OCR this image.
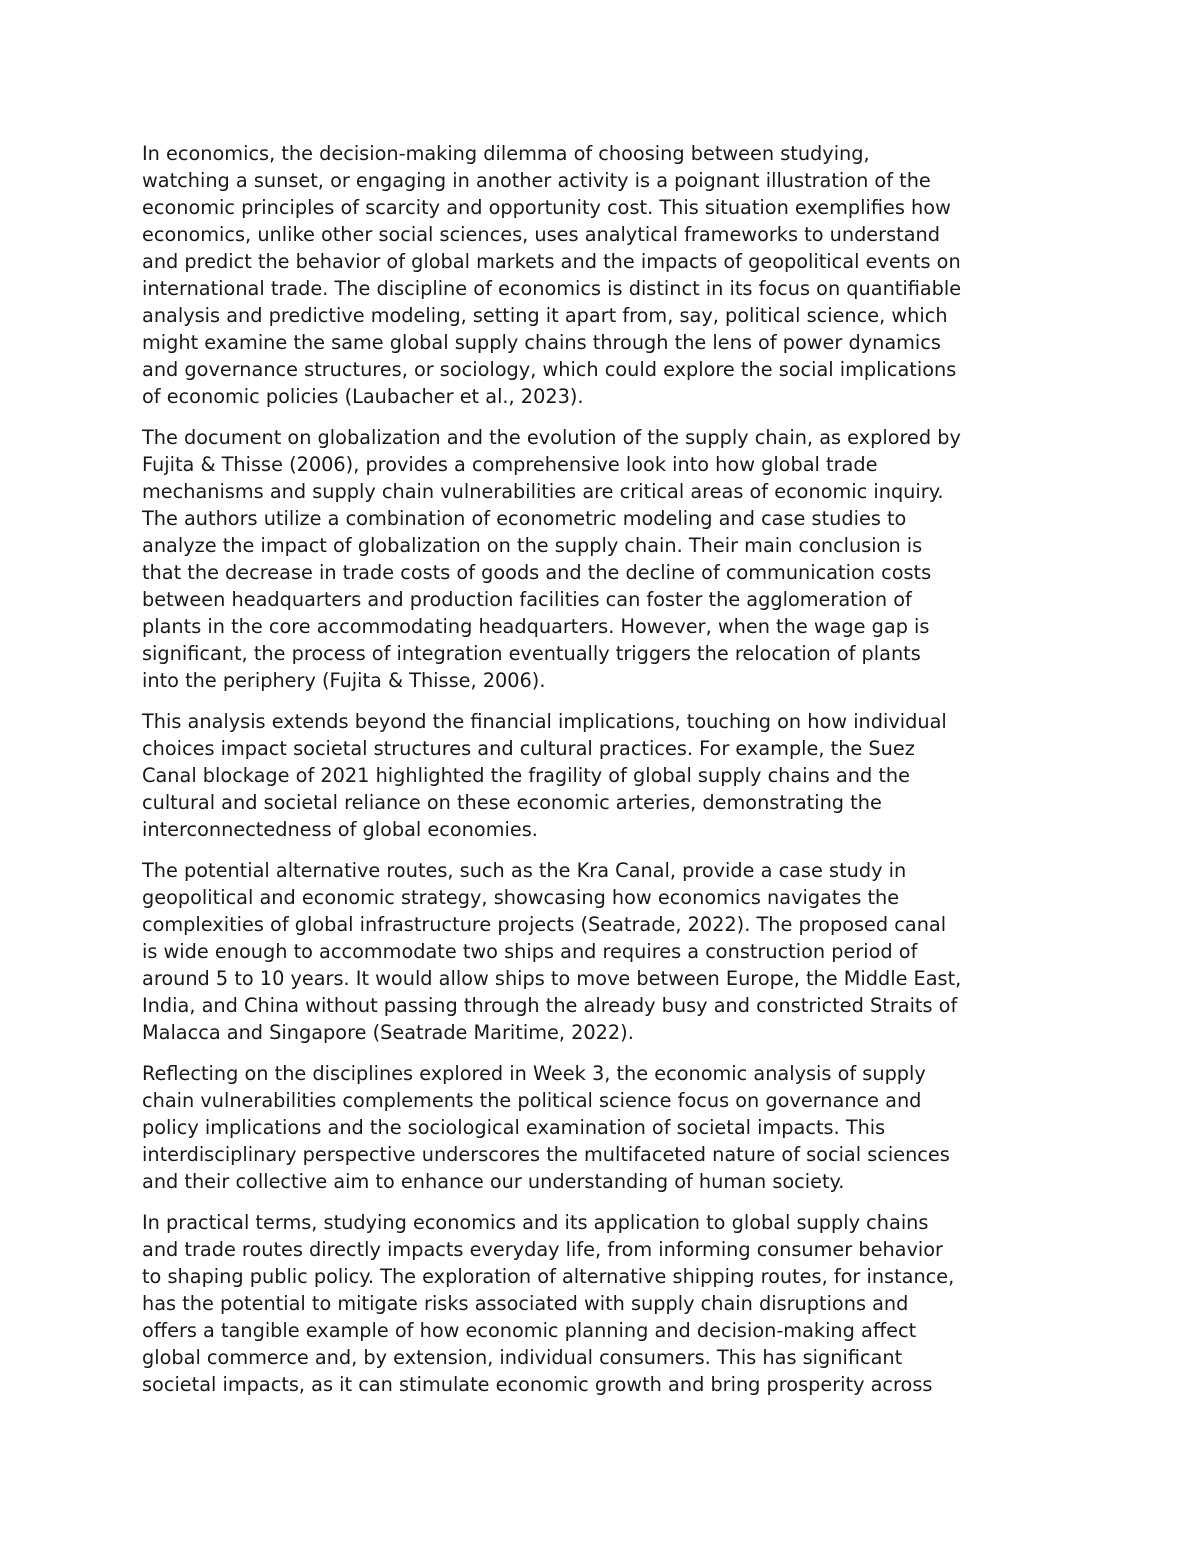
In economics, the decision-making dilemma of choosing between studying,
watching a sunset, or engaging in another activity is a poignant illustration of the
economic principles of scarcity and opportunity cost. This situation exemplifies how
economics, unlike other social sciences, uses analytical frameworks to understand
and predict the behavior of global markets and the impacts of geopolitical events on
international trade. The discipline of economics is distinct in its focus on quantifiable
analysis and predictive modeling, setting it apart from, say, political science, which
might examine the same global supply chains through the lens of power dynamics
and governance structures, or sociology, which could explore the social implications
of economic policies (Laubacher et al., 2023).

The document on globalization and the evolution of the supply chain, as explored by
Fujita & Thisse (2006), provides a comprehensive look into how global trade
mechanisms and supply chain vulnerabilities are critical areas of economic inquiry.
The authors utilize a combination of econometric modeling and case studies to
analyze the impact of globalization on the supply chain. Their main conclusion is
that the decrease in trade costs of goods and the decline of communication costs
between headquarters and production facilities can foster the agglomeration of
plants in the core accommodating headquarters. However, when the wage gap is
significant, the process of integration eventually triggers the relocation of plants
into the periphery (Fujita & Thisse, 2006).

This analysis extends beyond the financial implications, touching on how individual
choices impact societal structures and cultural practices. For example, the Suez
Canal blockage of 2021 highlighted the fragility of global supply chains and the
cultural and societal reliance on these economic arteries, demonstrating the
interconnectedness of global economies.

The potential alternative routes, such as the Kra Canal, provide a case study in
geopolitical and economic strategy, showcasing how economics navigates the
complexities of global infrastructure projects (Seatrade, 2022). The proposed canal
is wide enough to accommodate two ships and requires a construction period of
around 5 to 10 years. It would allow ships to move between Europe, the Middle East,
India, and China without passing through the already busy and constricted Straits of
Malacca and Singapore (Seatrade Maritime, 2022).

Reflecting on the disciplines explored in Week 3, the economic analysis of supply
chain vulnerabilities complements the political science focus on governance and
policy implications and the sociological examination of societal impacts. This
interdisciplinary perspective underscores the multifaceted nature of social sciences
and their collective aim to enhance our understanding of human society.

In practical terms, studying economics and its application to global supply chains
and trade routes directly impacts everyday life, from informing consumer behavior
to shaping public policy. The exploration of alternative shipping routes, for instance,
has the potential to mitigate risks associated with supply chain disruptions and
offers a tangible example of how economic planning and decision-making affect
global commerce and, by extension, individual consumers. This has significant
societal impacts, as it can stimulate economic growth and bring prosperity across
